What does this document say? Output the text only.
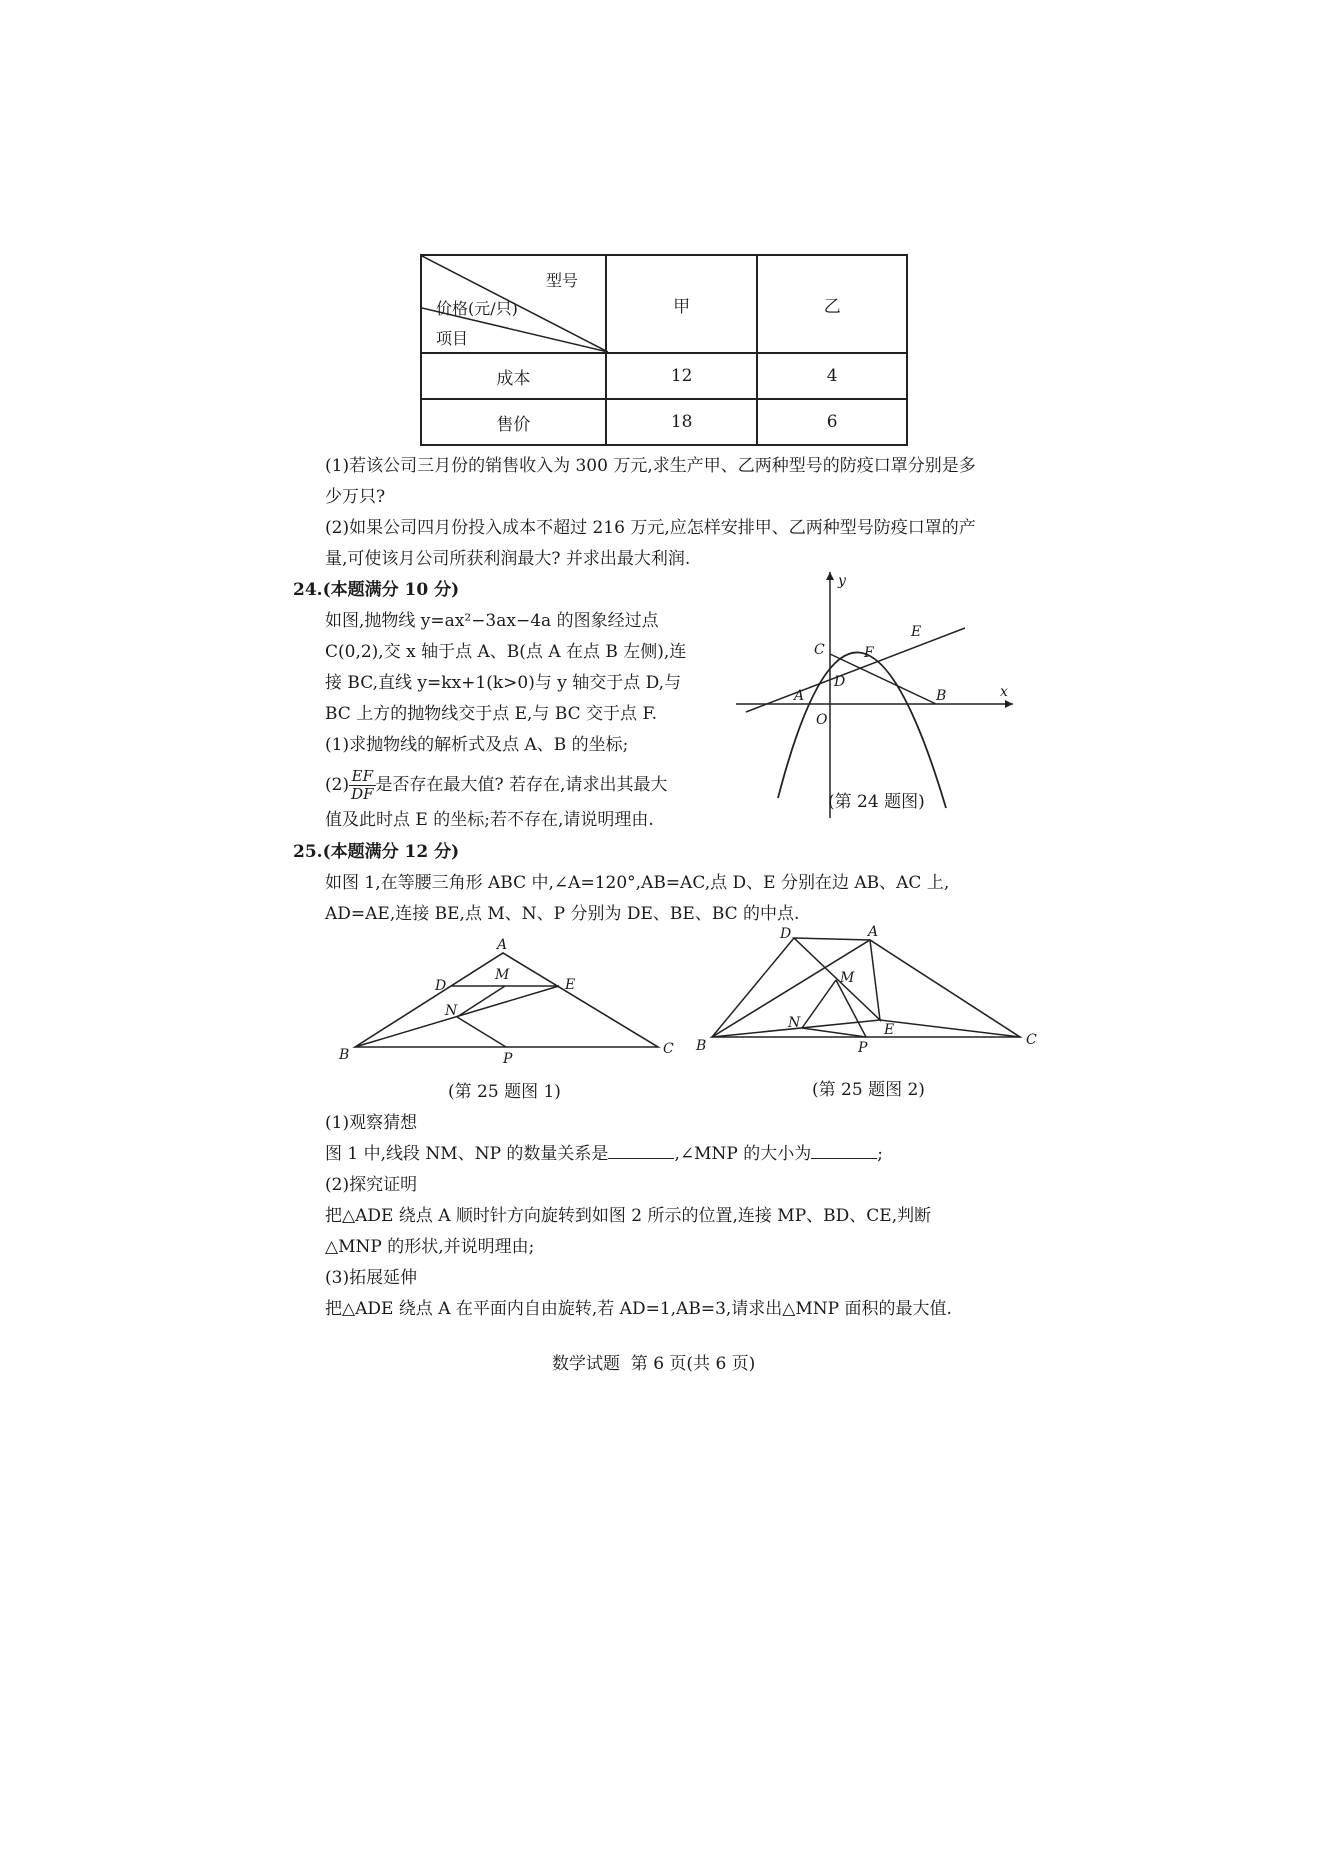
型号
价格(元/只)
项目	甲	乙
成本	12	4
售价	18	6
(1)若该公司三月份的销售收入为 300 万元,求生产甲、乙两种型号的防疫口罩分别是多
少万只?
(2)如果公司四月份投入成本不超过 216 万元,应怎样安排甲、乙两种型号防疫口罩的产
量,可使该月公司所获利润最大? 并求出最大利润.
24.(本题满分 10 分)
如图,抛物线 y=ax²−3ax−4a 的图象经过点
C(0,2),交 x 轴于点 A、B(点 A 在点 B 左侧),连
接 BC,直线 y=kx+1(k>0)与 y 轴交于点 D,与
BC 上方的抛物线交于点 E,与 BC 交于点 F.
(1)求抛物线的解析式及点 A、B 的坐标;
$(2) \frac{EF}{DF}$ 是否存在最大值? 若存在,请求出其最大
值及此时点 E 的坐标;若不存在,请说明理由.
y
x
C
E
F
D
A	B
O
(第 24 题图)
25.(本题满分 12 分)
如图 1,在等腰三角形 ABC 中,∠A=120°,AB=AC,点 D、E 分别在边 AB、AC 上,
AD=AE,连接 BE,点 M、N、P 分别为 DE、BE、BC 的中点.
A
D
M
E
N
B	P
C
(第 25 题图 1)
D	A
M
N	E
B	P	C
(第 25 题图 2)
(1)观察猜想
图 1 中,线段 NM、NP 的数量关系是	,∠MNP 的大小为	;
(2)探究证明
把△ADE 绕点 A 顺时针方向旋转到如图 2 所示的位置,连接 MP、BD、CE,判断
△MNP 的形状,并说明理由;
(3)拓展延伸
把△ADE 绕点 A 在平面内自由旋转,若 AD=1,AB=3,请求出△MNP 面积的最大值.
数学试题  第 6 页(共 6 页)
